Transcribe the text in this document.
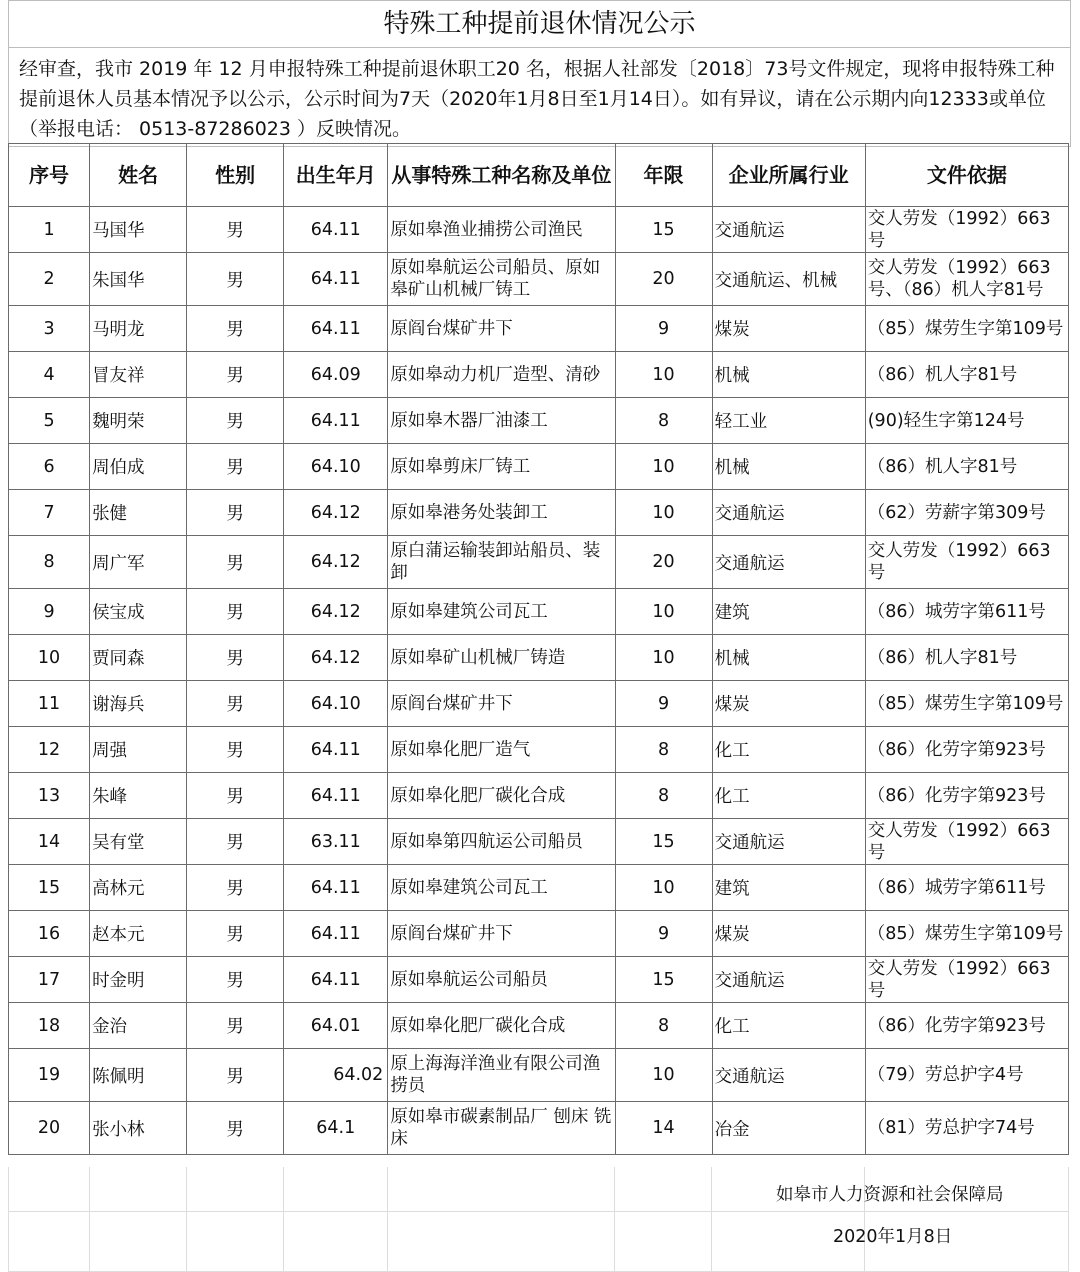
特殊工种提前退休情况公示
经审查，我市 2019 年 12 月申报特殊工种提前退休职工20 名，根据人社部发〔2018〕73号文件规定，现将申报特殊工种提前退休人员基本情况予以公示，公示时间为7天（2020年1月8日至1月14日）。如有异议，请在公示期内向12333或单位（举报电话： 0513-87286023 ）反映情况。
序号	姓名	性别	出生年月	从事特殊工种名称及单位	年限	企业所属行业	文件依据
1	马国华	男	64.11	原如皋渔业捕捞公司渔民	15	交通航运	交人劳发（1992）663号
2	朱国华	男	64.11	原如皋航运公司船员、原如皋矿山机械厂铸工	20	交通航运、机械	交人劳发（1992）663号、（86）机人字81号
3	马明龙	男	64.11	原阎台煤矿井下	9	煤炭	（85）煤劳生字第109号
4	冒友祥	男	64.09	原如皋动力机厂造型、清砂	10	机械	（86）机人字81号
5	魏明荣	男	64.11	原如皋木器厂油漆工	8	轻工业	(90)轻生字第124号
6	周伯成	男	64.10	原如皋剪床厂铸工	10	机械	（86）机人字81号
7	张健	男	64.12	原如皋港务处装卸工	10	交通航运	（62）劳薪字第309号
8	周广军	男	64.12	原白蒲运输装卸站船员、装卸	20	交通航运	交人劳发（1992）663号
9	侯宝成	男	64.12	原如皋建筑公司瓦工	10	建筑	（86）城劳字第611号
10	贾同森	男	64.12	原如皋矿山机械厂铸造	10	机械	（86）机人字81号
11	谢海兵	男	64.10	原阎台煤矿井下	9	煤炭	（85）煤劳生字第109号
12	周强	男	64.11	原如皋化肥厂造气	8	化工	（86）化劳字第923号
13	朱峰	男	64.11	原如皋化肥厂碳化合成	8	化工	（86）化劳字第923号
14	吴有堂	男	63.11	原如皋第四航运公司船员	15	交通航运	交人劳发（1992）663号
15	高林元	男	64.11	原如皋建筑公司瓦工	10	建筑	（86）城劳字第611号
16	赵本元	男	64.11	原阎台煤矿井下	9	煤炭	（85）煤劳生字第109号
17	时金明	男	64.11	原如皋航运公司船员	15	交通航运	交人劳发（1992）663号
18	金治	男	64.01	原如皋化肥厂碳化合成	8	化工	（86）化劳字第923号
19	陈佩明	男	64.02	原上海海洋渔业有限公司渔捞员	10	交通航运	（79）劳总护字4号
20	张小林	男	64.1	原如皋市碳素制品厂 刨床 铣床	14	冶金	（81）劳总护字74号
如皋市人力资源和社会保障局
2020年1月8日
